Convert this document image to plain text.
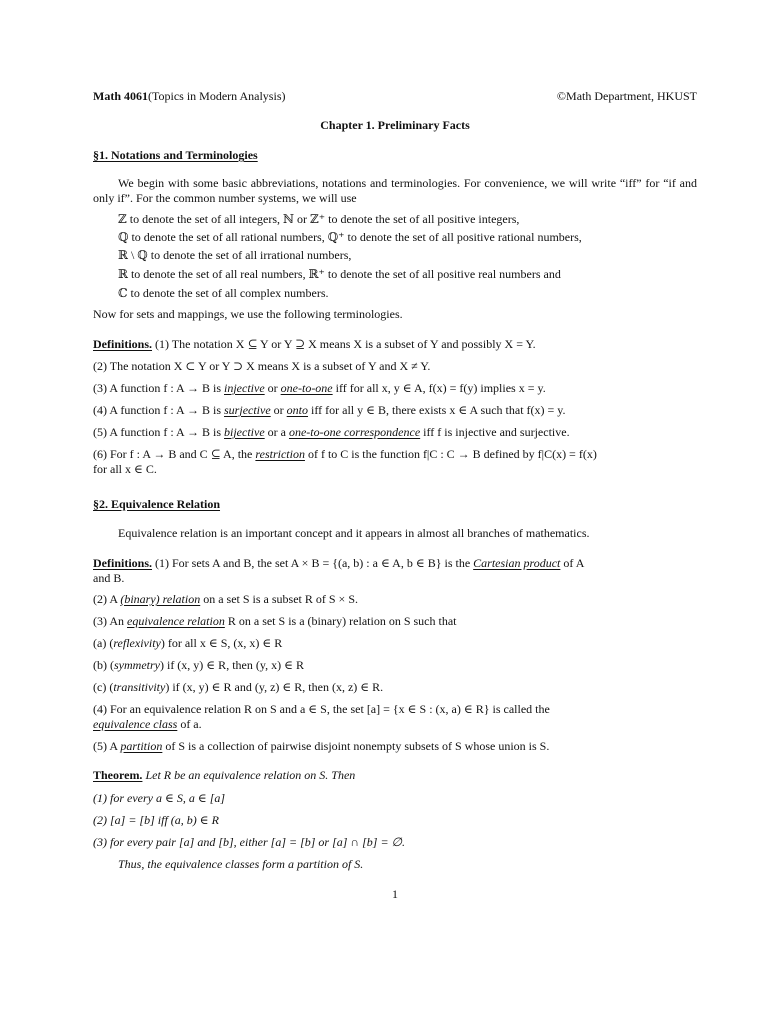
Math 4061(Topics in Modern Analysis)	©Math Department, HKUST
Chapter 1. Preliminary Facts
§1. Notations and Terminologies
We begin with some basic abbreviations, notations and terminologies. For convenience, we will write “iff” for “if and only if”. For the common number systems, we will use
ℤ to denote the set of all integers, ℕ or ℤ⁺ to denote the set of all positive integers,
ℚ to denote the set of all rational numbers, ℚ⁺ to denote the set of all positive rational numbers,
ℝ \ ℚ to denote the set of all irrational numbers,
ℝ to denote the set of all real numbers, ℝ⁺ to denote the set of all positive real numbers and
ℂ to denote the set of all complex numbers.
Now for sets and mappings, we use the following terminologies.
Definitions. (1) The notation X ⊆ Y or Y ⊇ X means X is a subset of Y and possibly X = Y.
(2) The notation X ⊂ Y or Y ⊃ X means X is a subset of Y and X ≠ Y.
(3) A function f : A → B is injective or one-to-one iff for all x, y ∈ A, f(x) = f(y) implies x = y.
(4) A function f : A → B is surjective or onto iff for all y ∈ B, there exists x ∈ A such that f(x) = y.
(5) A function f : A → B is bijective or a one-to-one correspondence iff f is injective and surjective.
(6) For f : A → B and C ⊆ A, the restriction of f to C is the function f|C : C → B defined by f|C(x) = f(x)
for all x ∈ C.
§2. Equivalence Relation
Equivalence relation is an important concept and it appears in almost all branches of mathematics.
Definitions. (1) For sets A and B, the set A × B = {(a, b) : a ∈ A, b ∈ B} is the Cartesian product of A
and B.
(2) A (binary) relation on a set S is a subset R of S × S.
(3) An equivalence relation R on a set S is a (binary) relation on S such that
(a) (reflexivity) for all x ∈ S, (x, x) ∈ R
(b) (symmetry) if (x, y) ∈ R, then (y, x) ∈ R
(c) (transitivity) if (x, y) ∈ R and (y, z) ∈ R, then (x, z) ∈ R.
(4) For an equivalence relation R on S and a ∈ S, the set [a] = {x ∈ S : (x, a) ∈ R} is called the
equivalence class of a.
(5) A partition of S is a collection of pairwise disjoint nonempty subsets of S whose union is S.
Theorem. Let R be an equivalence relation on S. Then
(1) for every a ∈ S, a ∈ [a]
(2) [a] = [b] iff (a, b) ∈ R
(3) for every pair [a] and [b], either [a] = [b] or [a] ∩ [b] = ∅.
Thus, the equivalence classes form a partition of S.
1
